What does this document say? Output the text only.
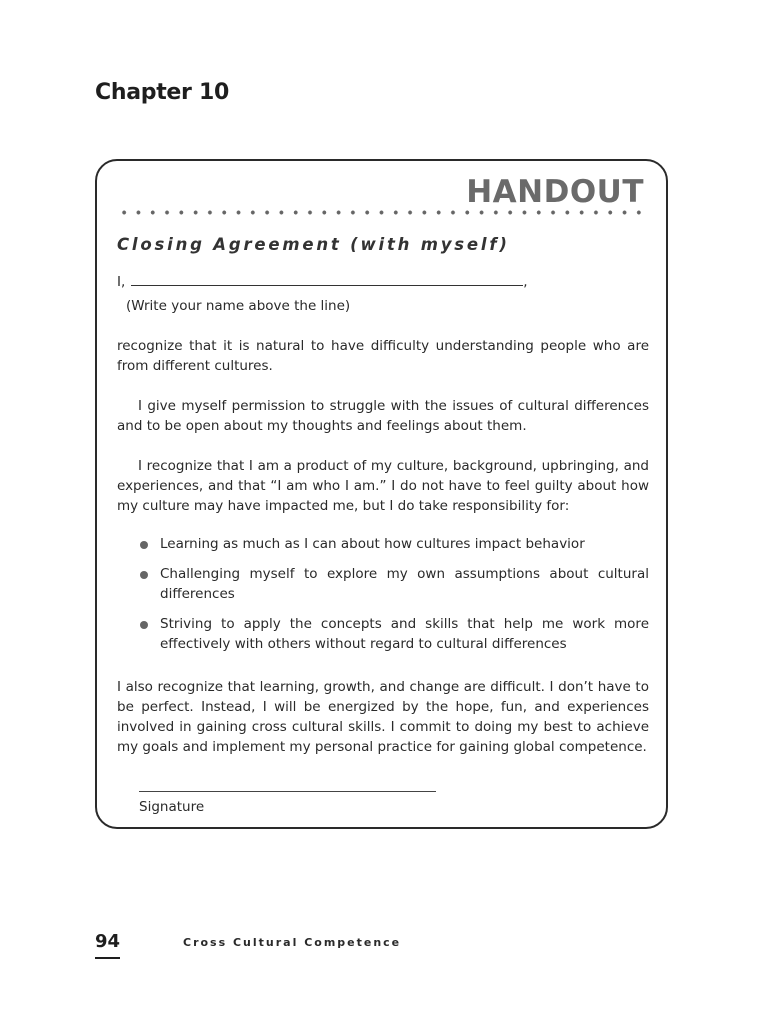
Chapter 10
HANDOUT
Closing Agreement (with myself)
I,	,
(Write your name above the line)

recognize that it is natural to have difficulty understanding people who are from different cultures.

I give myself permission to struggle with the issues of cultural differences and to be open about my thoughts and feelings about them.

I recognize that I am a product of my culture, background, upbringing, and experiences, and that “I am who I am.” I do not have to feel guilty about how my culture may have impacted me, but I do take responsibility for:

Learning as much as I can about how cultures impact behavior
Challenging myself to explore my own assumptions about cultural differences
Striving to apply the concepts and skills that help me work more effectively with others without regard to cultural differences

I also recognize that learning, growth, and change are difficult. I don’t have to be perfect. Instead, I will be energized by the hope, fun, and experiences involved in gaining cross cultural skills. I commit to doing my best to achieve my goals and implement my personal practice for gaining global competence.

Signature
94	Cross Cultural Competence
